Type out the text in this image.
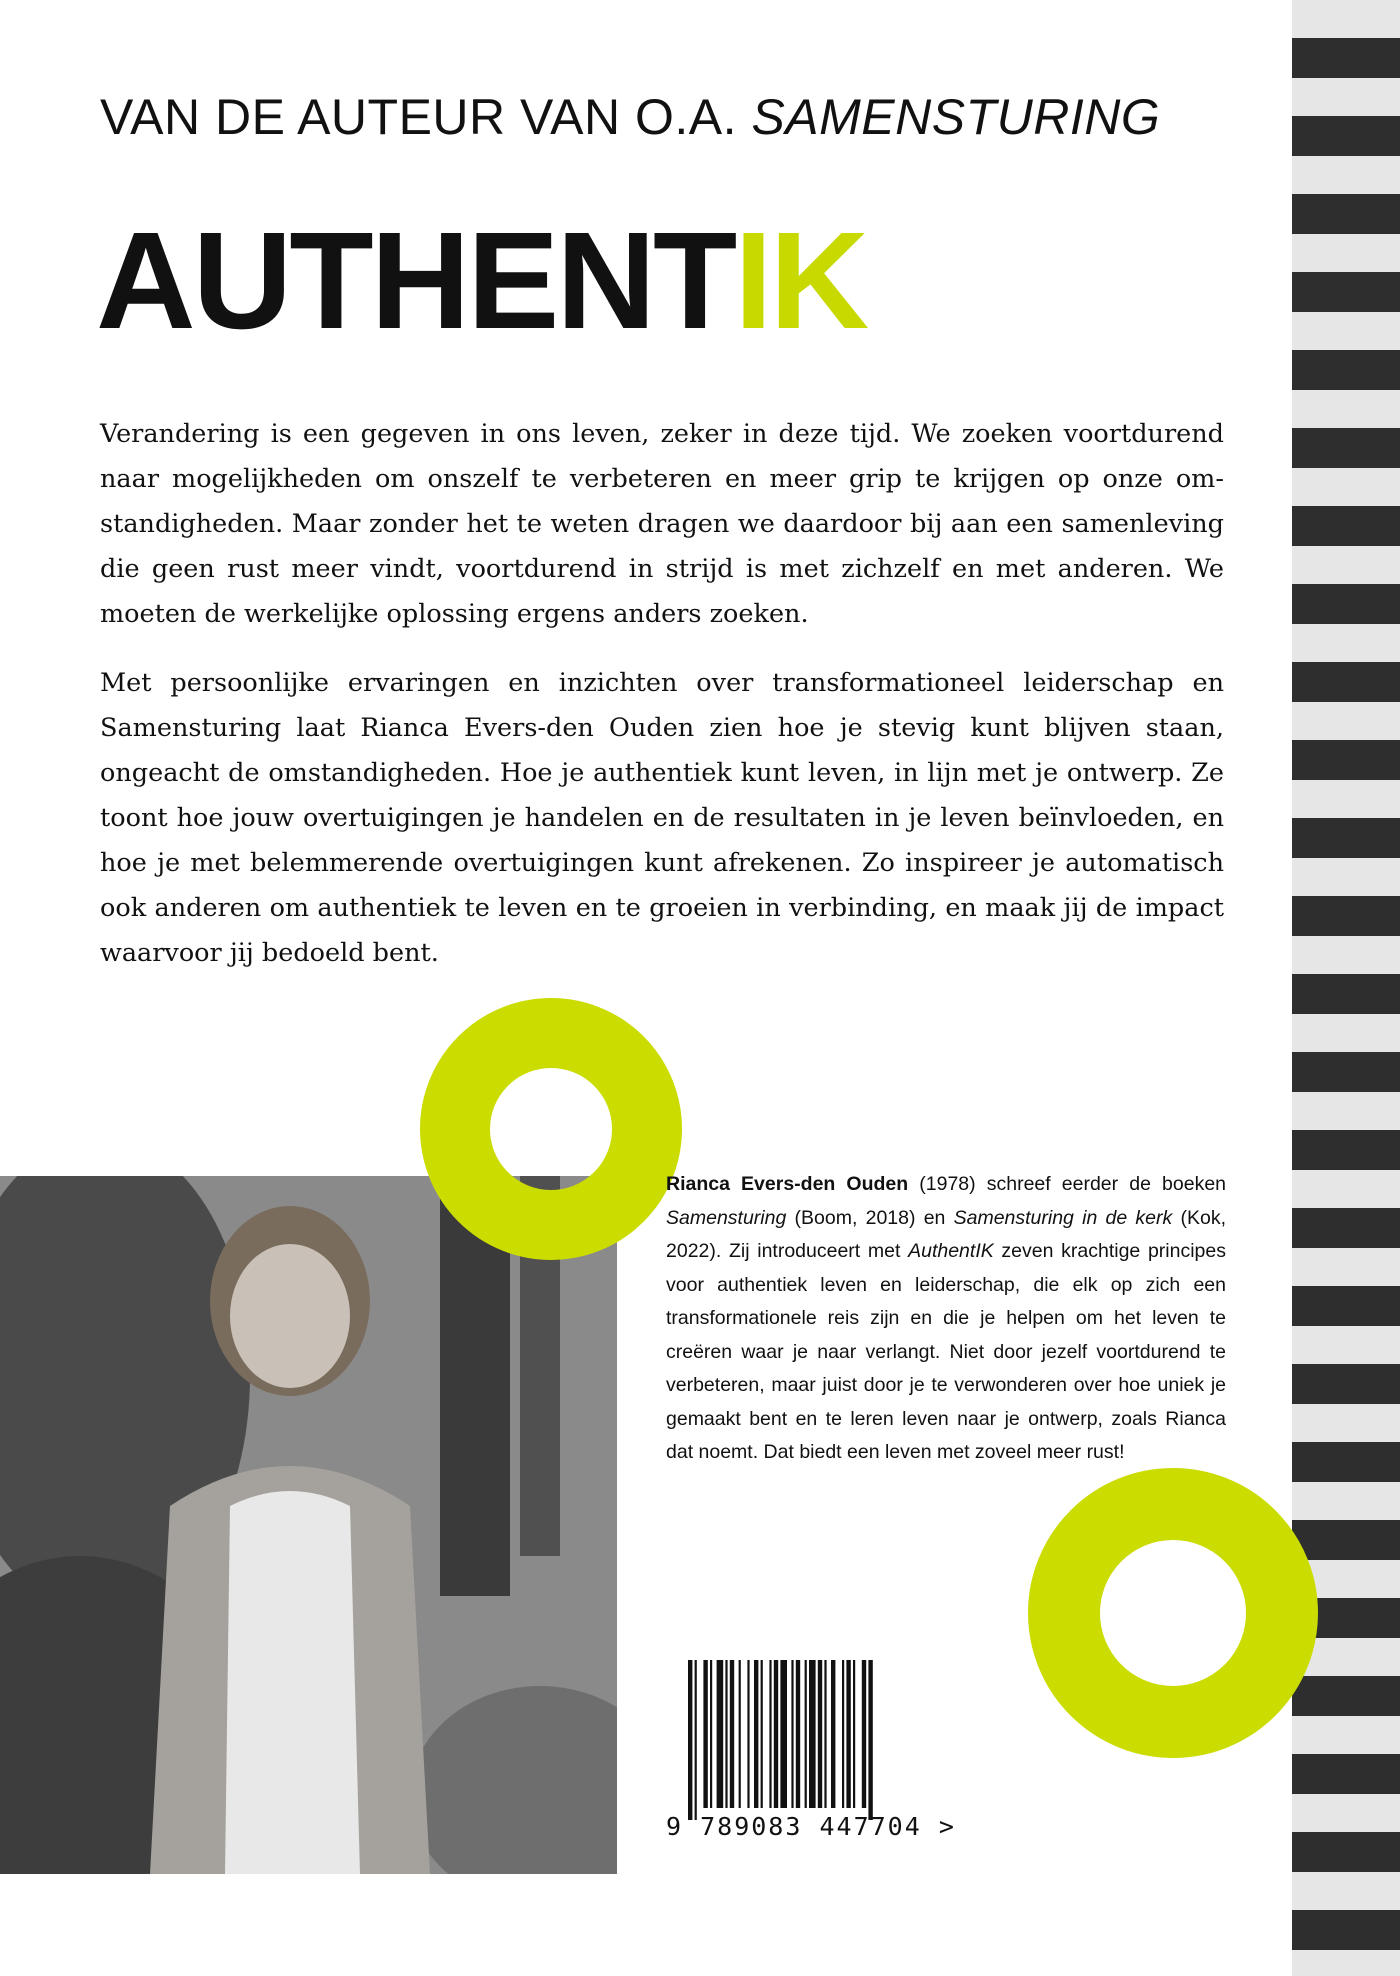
VAN DE AUTEUR VAN O.A. SAMENSTURING
AUTHENTIK

Verandering is een gegeven in ons leven, zeker in deze tijd. We zoeken voortdurend naar mogelijkheden om onszelf te verbeteren en meer grip te krijgen op onze omstandigheden. Maar zonder het te weten dragen we daardoor bij aan een samenleving die geen rust meer vindt, voortdurend in strijd is met zichzelf en met anderen. We moeten de werkelijke oplossing ergens anders zoeken.

Met persoonlijke ervaringen en inzichten over transformationeel leiderschap en Samensturing laat Rianca Evers-den Ouden zien hoe je stevig kunt blijven staan, ongeacht de omstandigheden. Hoe je authentiek kunt leven, in lijn met je ontwerp. Ze toont hoe jouw overtuigingen je handelen en de resultaten in je leven beïnvloeden, en hoe je met belemmerende overtuigingen kunt afrekenen. Zo inspireer je automatisch ook anderen om authentiek te leven en te groeien in verbinding, en maak jij de impact waarvoor jij bedoeld bent.

Rianca Evers-den Ouden (1978) schreef eerder de boeken Samensturing (Boom, 2018) en Samensturing in de kerk (Kok, 2022). Zij introduceert met AuthentIK zeven krachtige principes voor authentiek leven en leiderschap, die elk op zich een transformationele reis zijn en die je helpen om het leven te creëren waar je naar verlangt. Niet door jezelf voortdurend te verbeteren, maar juist door je te verwonderen over hoe uniek je gemaakt bent en te leren leven naar je ontwerp, zoals Rianca dat noemt. Dat biedt een leven met zoveel meer rust!
9 789083 447704 >
